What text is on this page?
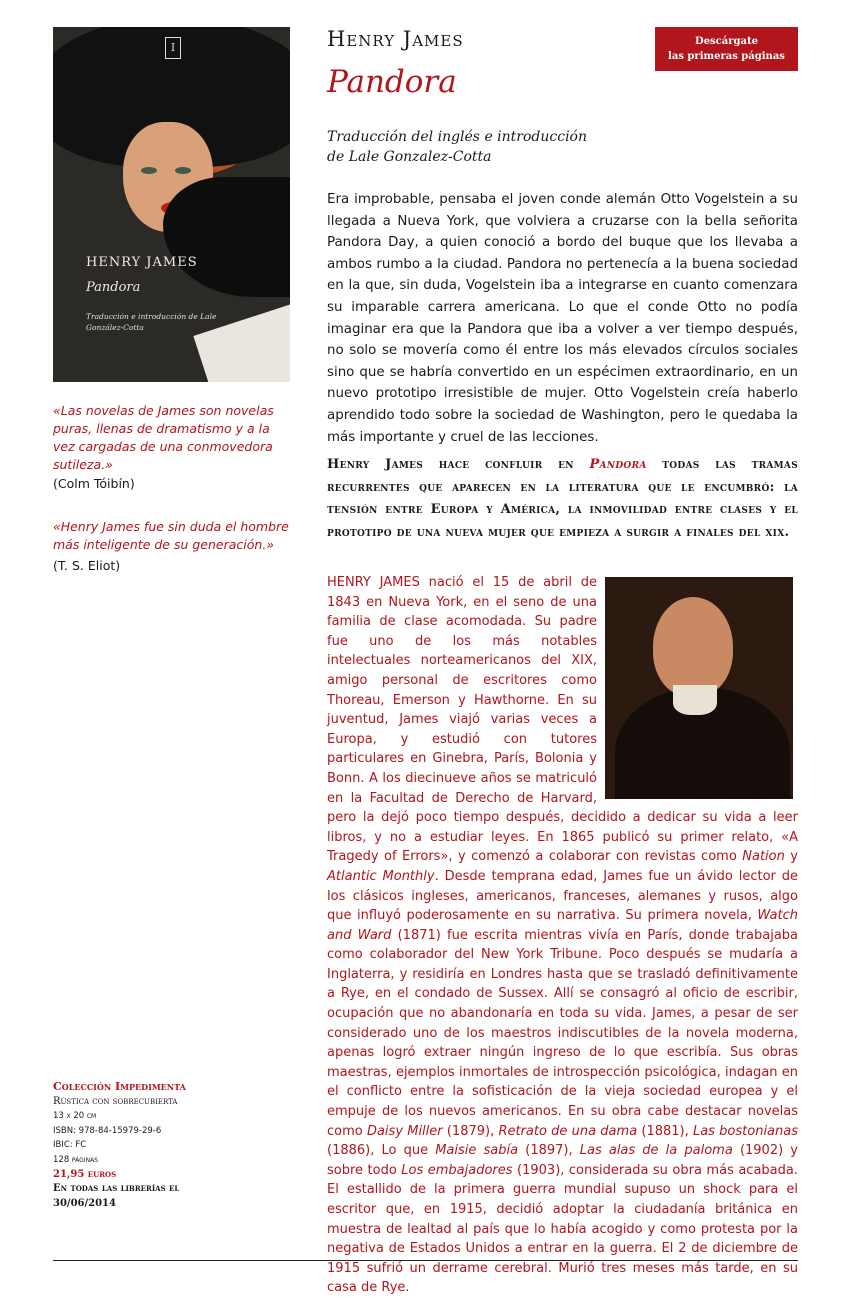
I
HENRY JAMES
Pandora
Traducción e introducción de Lale González-Cotta
«Las novelas de James son novelas puras, llenas de dramatismo y a la vez cargadas de una conmovedora sutileza.»
(Colm Tóibín)
«Henry James fue sin duda el hombre más inteligente de su generación.»
(T. S. Eliot)
Henry James
Pandora
Descárgate
las primeras páginas
Traducción del inglés e introducción
de Lale Gonzalez-Cotta
Era improbable, pensaba el joven conde alemán Otto Vogelstein a su llegada a Nueva York, que volviera a cruzarse con la bella señorita Pandora Day, a quien conoció a bordo del buque que los llevaba a ambos rumbo a la ciudad. Pandora no pertenecía a la buena sociedad en la que, sin duda, Vogelstein iba a integrarse en cuanto comenzara su imparable carrera americana. Lo que el conde Otto no podía imaginar era que la Pandora que iba a volver a ver tiempo después, no solo se movería como él entre los más elevados círculos sociales sino que se habría convertido en un espécimen extraordinario, en un nuevo prototipo irresistible de mujer. Otto Vogelstein creía haberlo aprendido todo sobre la sociedad de Washington, pero le quedaba la más importante y cruel de las lecciones.
Henry James hace confluir en Pandora todas las tramas recurrentes que aparecen en la literatura que le encumbró: la tensión entre Europa y América, la inmovilidad entre clases y el prototipo de una nueva mujer que empieza a surgir a finales del xix.
HENRY JAMES nació el 15 de abril de 1843 en Nueva York, en el seno de una familia de clase acomodada. Su padre fue uno de los más notables intelectuales norteamericanos del XIX, amigo personal de escritores como Thoreau, Emerson y Hawthorne. En su juventud, James viajó varias veces a Europa, y estudió con tutores particulares en Ginebra, París, Bolonia y Bonn. A los diecinueve años se matriculó en la Facultad de Derecho de Harvard, pero la dejó poco tiempo después, decidido a dedicar su vida a leer libros, y no a estudiar leyes. En 1865 publicó su primer relato, «A Tragedy of Errors», y comenzó a colaborar con revistas como Nation y Atlantic Monthly. Desde temprana edad, James fue un ávido lector de los clásicos ingleses, americanos, franceses, alemanes y rusos, algo que influyó poderosamente en su narrativa. Su primera novela, Watch and Ward (1871) fue escrita mientras vivía en París, donde trabajaba como colaborador del New York Tribune. Poco después se mudaría a Inglaterra, y residiría en Londres hasta que se trasladó definitivamente a Rye, en el condado de Sussex. Allí se consagró al oficio de escribir, ocupación que no abandonaría en toda su vida. James, a pesar de ser considerado uno de los maestros indiscutibles de la novela moderna, apenas logró extraer ningún ingreso de lo que escribía. Sus obras maestras, ejemplos inmortales de introspección psicológica, indagan en el conflicto entre la sofisticación de la vieja sociedad europea y el empuje de los nuevos americanos. En su obra cabe destacar novelas como Daisy Miller (1879), Retrato de una dama (1881), Las bostonianas (1886), Lo que Maisie sabía (1897), Las alas de la paloma (1902) y sobre todo Los embajadores (1903), considerada su obra más acabada. El estallido de la primera guerra mundial supuso un shock para el escritor que, en 1915, decidió adoptar la ciudadanía británica en muestra de lealtad al país que lo había acogido y como protesta por la negativa de Estados Unidos a entrar en la guerra. El 2 de diciembre de 1915 sufrió un derrame cerebral. Murió tres meses más tarde, en su casa de Rye.
Colección Impedimenta
Rústica con sobrecubierta
13 x 20 cm
ISBN: 978-84-15979-29-6
IBIC: FC
128 páginas
21,95 euros
En todas las librerías el
30/06/2014
